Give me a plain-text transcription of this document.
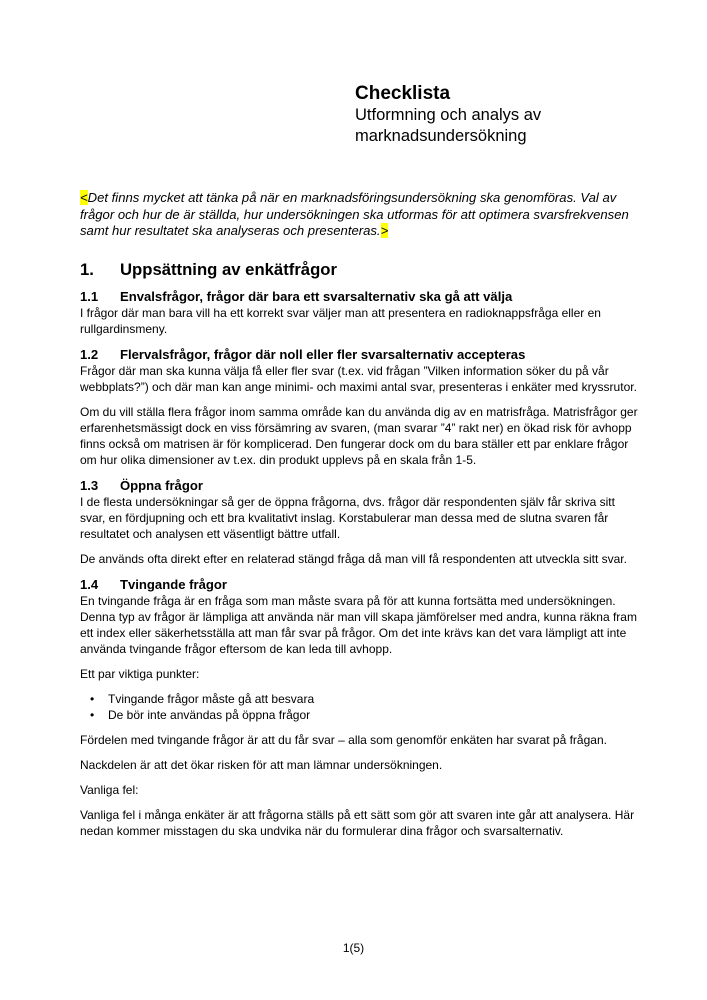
Checklista
Utformning och analys av
marknadsundersökning

<Det finns mycket att tänka på när en marknadsföringsundersökning ska genomföras. Val av frågor och hur de är ställda, hur undersökningen ska utformas för att optimera svarsfrekvensen samt hur resultatet ska analyseras och presenteras.>

1.	Uppsättning av enkätfrågor
1.1	Envalsfrågor, frågor där bara ett svarsalternativ ska gå att välja

I frågor där man bara vill ha ett korrekt svar väljer man att presentera en radioknappsfråga eller en rullgardinsmeny.

1.2	Flervalsfrågor, frågor där noll eller fler svarsalternativ accepteras

Frågor där man ska kunna välja få eller fler svar (t.ex. vid frågan ”Vilken information söker du på vår webbplats?”) och där man kan ange minimi- och maximi antal svar, presenteras i enkäter med kryssrutor.

Om du vill ställa flera frågor inom samma område kan du använda dig av en matrisfråga. Matrisfrågor ger erfarenhetsmässigt dock en viss försämring av svaren, (man svarar ”4” rakt ner) en ökad risk för avhopp finns också om matrisen är för komplicerad. Den fungerar dock om du bara ställer ett par enklare frågor om hur olika dimensioner av t.ex. din produkt upplevs på en skala från 1-5.

1.3	Öppna frågor

I de flesta undersökningar så ger de öppna frågorna, dvs. frågor där respondenten själv får skriva sitt svar, en fördjupning och ett bra kvalitativt inslag. Korstabulerar man dessa med de slutna svaren får resultatet och analysen ett väsentligt bättre utfall.

De används ofta direkt efter en relaterad stängd fråga då man vill få respondenten att utveckla sitt svar.

1.4	Tvingande frågor

En tvingande fråga är en fråga som man måste svara på för att kunna fortsätta med undersökningen. Denna typ av frågor är lämpliga att använda när man vill skapa jämförelser med andra, kunna räkna fram ett index eller säkerhetsställa att man får svar på frågor. Om det inte krävs kan det vara lämpligt att inte använda tvingande frågor eftersom de kan leda till avhopp.

Ett par viktiga punkter:

• Tvingande frågor måste gå att besvara
• De bör inte användas på öppna frågor

Fördelen med tvingande frågor är att du får svar – alla som genomför enkäten har svarat på frågan.

Nackdelen är att det ökar risken för att man lämnar undersökningen.

Vanliga fel:

Vanliga fel i många enkäter är att frågorna ställs på ett sätt som gör att svaren inte går att analysera. Här nedan kommer misstagen du ska undvika när du formulerar dina frågor och svarsalternativ.

1(5)
